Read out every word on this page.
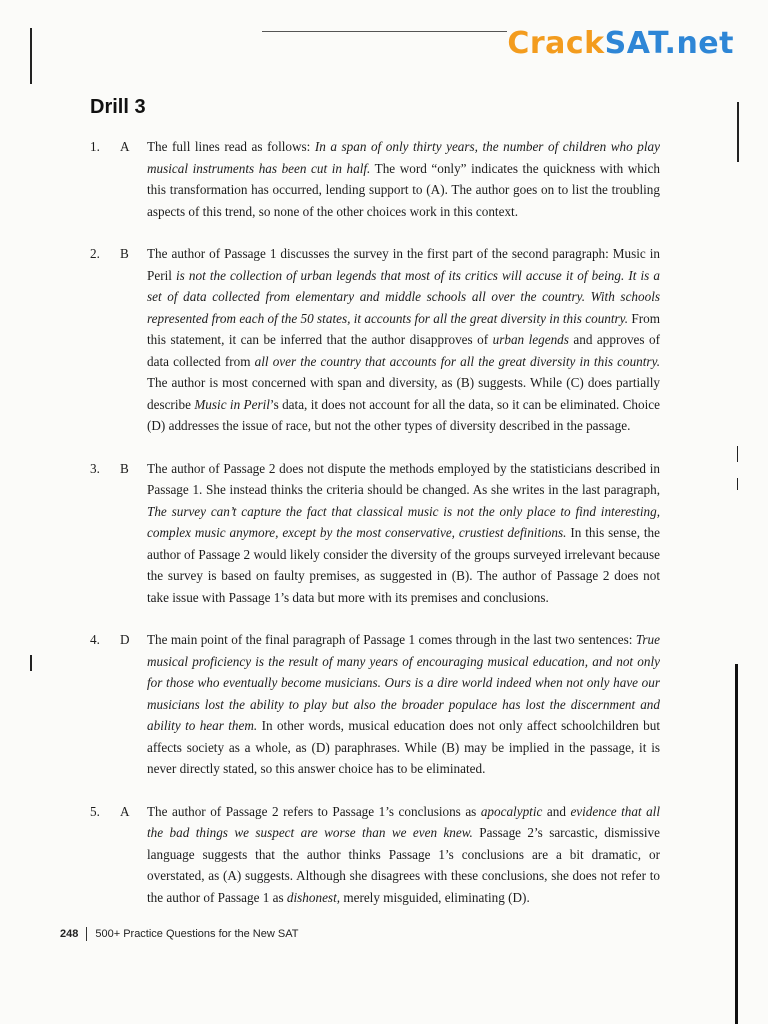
CrackSAT.net
Drill 3
1. A The full lines read as follows: In a span of only thirty years, the number of children who play musical instruments has been cut in half. The word “only” indicates the quickness with which this transformation has occurred, lending support to (A). The author goes on to list the troubling aspects of this trend, so none of the other choices work in this context.
2. B The author of Passage 1 discusses the survey in the first part of the second paragraph: Music in Peril is not the collection of urban legends that most of its critics will accuse it of being. It is a set of data collected from elementary and middle schools all over the country. With schools represented from each of the 50 states, it accounts for all the great diversity in this country. From this statement, it can be inferred that the author disapproves of urban legends and approves of data collected from all over the country that accounts for all the great diversity in this country. The author is most concerned with span and diversity, as (B) suggests. While (C) does partially describe Music in Peril’s data, it does not account for all the data, so it can be eliminated. Choice (D) addresses the issue of race, but not the other types of diversity described in the passage.
3. B The author of Passage 2 does not dispute the methods employed by the statisticians described in Passage 1. She instead thinks the criteria should be changed. As she writes in the last paragraph, The survey can’t capture the fact that classical music is not the only place to find interesting, complex music anymore, except by the most conservative, crustiest definitions. In this sense, the author of Passage 2 would likely consider the diversity of the groups surveyed irrelevant because the survey is based on faulty premises, as suggested in (B). The author of Passage 2 does not take issue with Passage 1’s data but more with its premises and conclusions.
4. D The main point of the final paragraph of Passage 1 comes through in the last two sentences: True musical proficiency is the result of many years of encouraging musical education, and not only for those who eventually become musicians. Ours is a dire world indeed when not only have our musicians lost the ability to play but also the broader populace has lost the discernment and ability to hear them. In other words, musical education does not only affect schoolchildren but affects society as a whole, as (D) paraphrases. While (B) may be implied in the passage, it is never directly stated, so this answer choice has to be eliminated.
5. A The author of Passage 2 refers to Passage 1’s conclusions as apocalyptic and evidence that all the bad things we suspect are worse than we even knew. Passage 2’s sarcastic, dismissive language suggests that the author thinks Passage 1’s conclusions are a bit dramatic, or overstated, as (A) suggests. Although she disagrees with these conclusions, she does not refer to the author of Passage 1 as dishonest, merely misguided, eliminating (D).
248 500+ Practice Questions for the New SAT
